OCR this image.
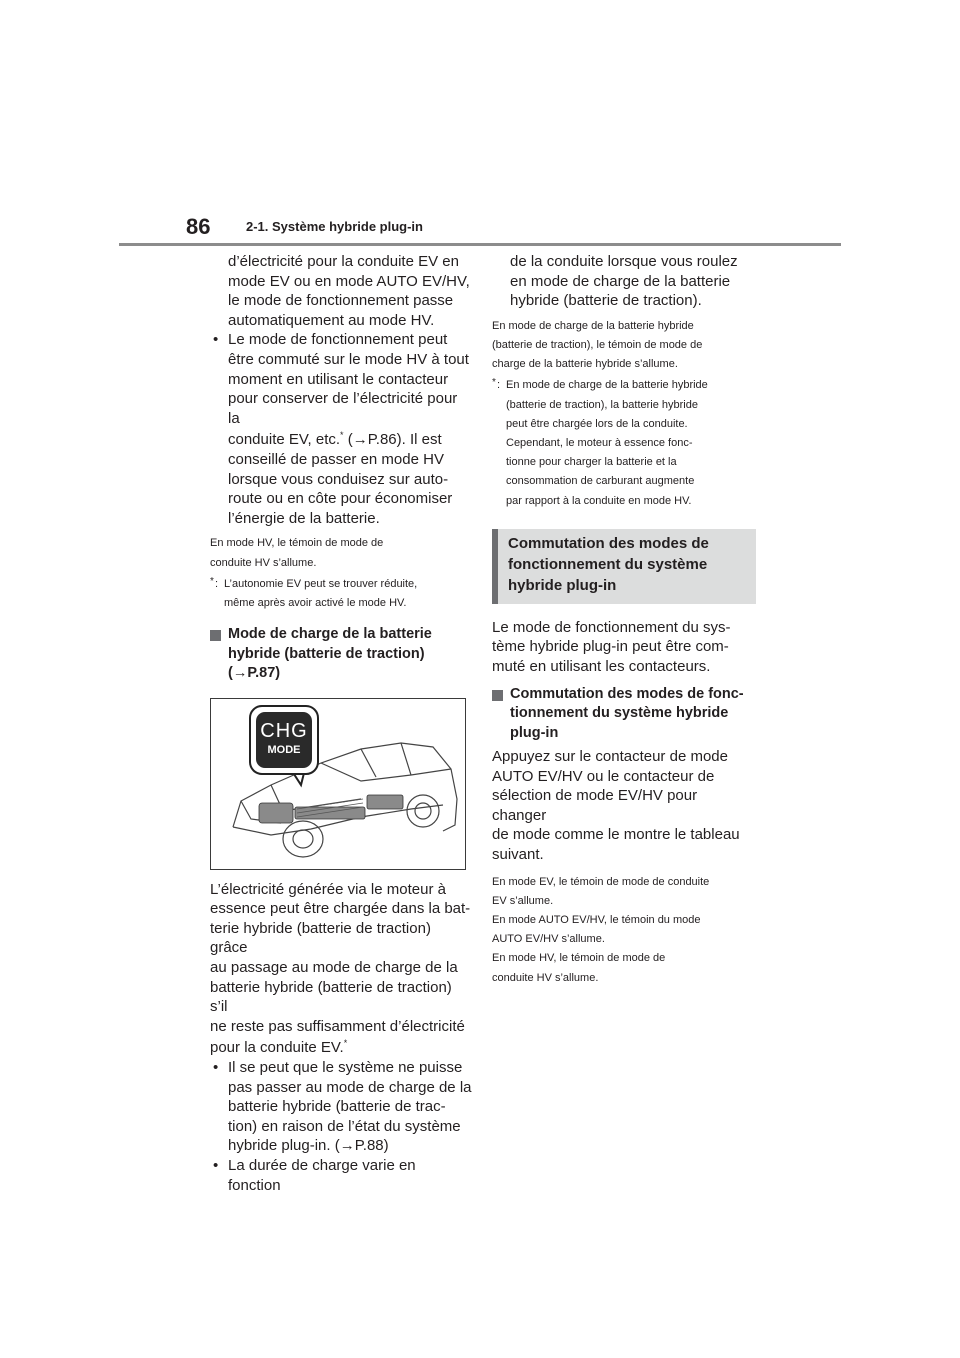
86	2-1. Système hybride plug-in

d’électricité pour la conduite EV en

mode EV ou en mode AUTO EV/HV,

le mode de fonctionnement passe

automatiquement au mode HV.

• Le mode de fonctionnement peut
être commuté sur le mode HV à tout
moment en utilisant le contacteur
pour conserver de l’électricité pour la
conduite EV, etc.* (→P.86). Il est
conseillé de passer en mode HV
lorsque vous conduisez sur auto-
route ou en côte pour économiser
l’énergie de la batterie.

En mode HV, le témoin de mode de

conduite HV s’allume.

* : L’autonomie EV peut se trouver réduite,
même après avoir activé le mode HV.
Mode de charge de la batterie
hybride (batterie de traction)
(→P.87)
CHG
MODE

L’électricité générée via le moteur à

essence peut être chargée dans la bat-

terie hybride (batterie de traction) grâce

au passage au mode de charge de la

batterie hybride (batterie de traction) s’il

ne reste pas suffisamment d’électricité

pour la conduite EV.*

• Il se peut que le système ne puisse
pas passer au mode de charge de la
batterie hybride (batterie de trac-
tion) en raison de l’état du système
hybride plug-in. (→P.88)
• La durée de charge varie en fonction

de la conduite lorsque vous roulez

en mode de charge de la batterie

hybride (batterie de traction).

En mode de charge de la batterie hybride

(batterie de traction), le témoin de mode de

charge de la batterie hybride s’allume.

* : En mode de charge de la batterie hybride
(batterie de traction), la batterie hybride
peut être chargée lors de la conduite.
Cependant, le moteur à essence fonc-
tionne pour charger la batterie et la
consommation de carburant augmente
par rapport à la conduite en mode HV.

Commutation des modes de

fonctionnement du système

hybride plug-in

Le mode de fonctionnement du sys-

tème hybride plug-in peut être com-

muté en utilisant les contacteurs.

Commutation des modes de fonc-
tionnement du système hybride
plug-in

Appuyez sur le contacteur de mode

AUTO EV/HV ou le contacteur de

sélection de mode EV/HV pour changer

de mode comme le montre le tableau

suivant.

En mode EV, le témoin de mode de conduite

EV s’allume.

En mode AUTO EV/HV, le témoin du mode

AUTO EV/HV s’allume.

En mode HV, le témoin de mode de

conduite HV s’allume.
